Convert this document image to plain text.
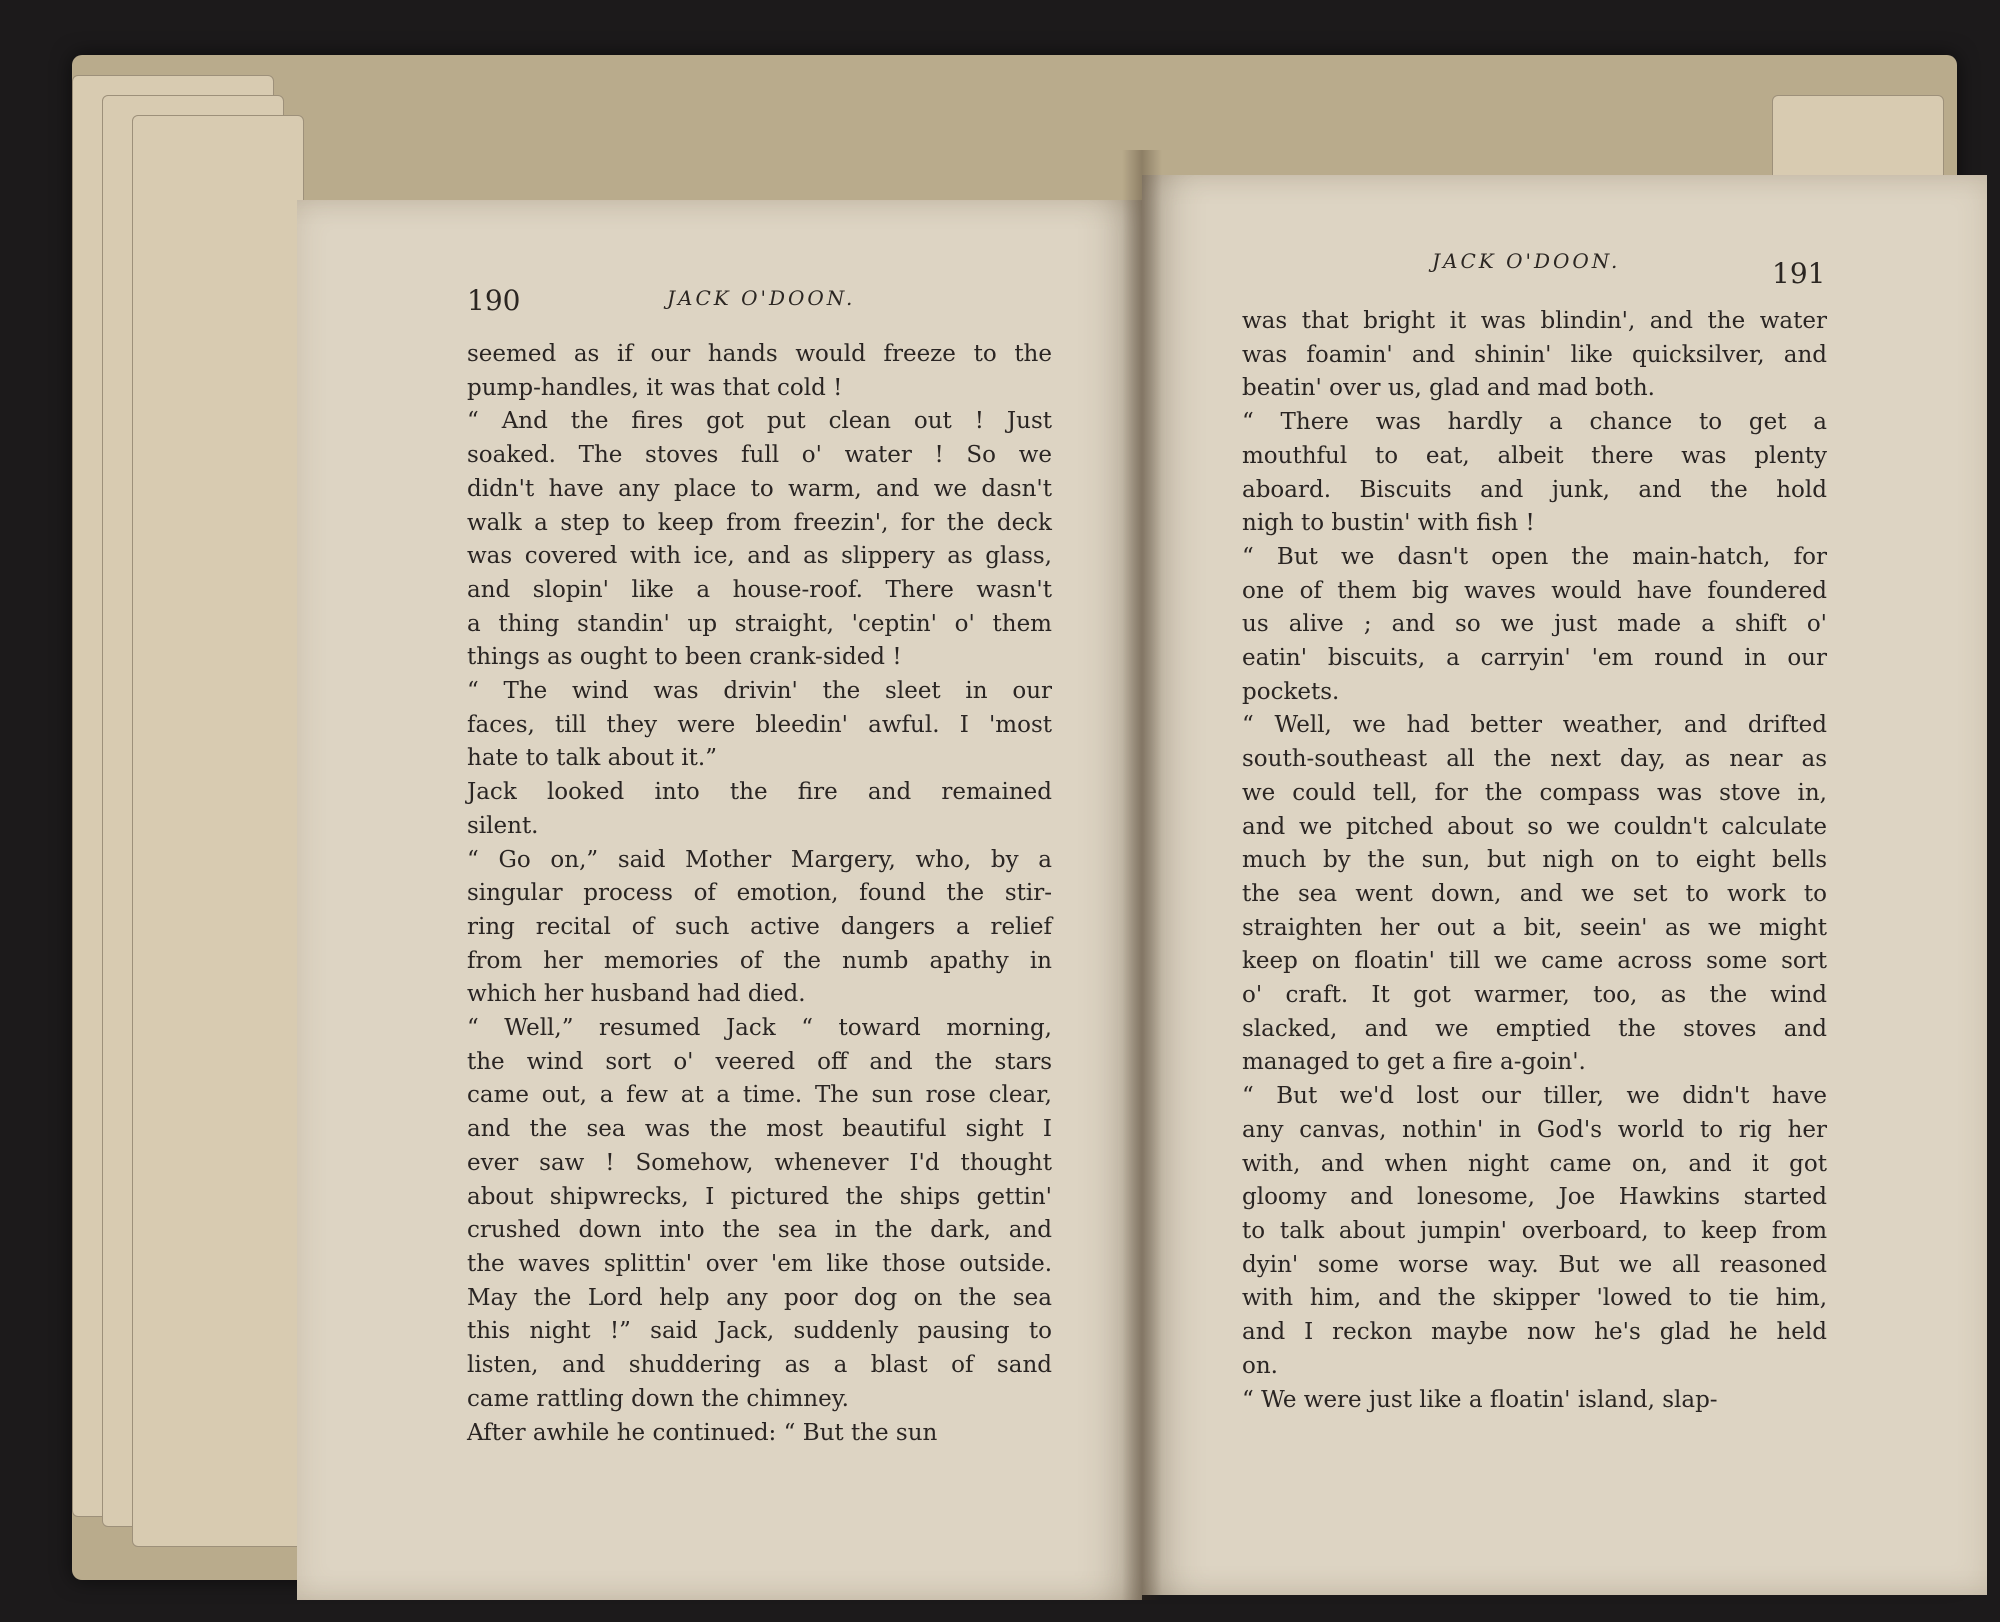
190	JACK O'DOON.
seemed as if our hands would freeze to the
pump-handles, it was that cold !
“ And the fires got put clean out ! Just
soaked. The stoves full o' water ! So we
didn't have any place to warm, and we dasn't
walk a step to keep from freezin', for the deck
was covered with ice, and as slippery as glass,
and slopin' like a house-roof. There wasn't
a thing standin' up straight, 'ceptin' o' them
things as ought to been crank-sided !
“ The wind was drivin' the sleet in our
faces, till they were bleedin' awful. I 'most
hate to talk about it.”
Jack looked into the fire and remained
silent.
“ Go on,” said Mother Margery, who, by a
singular process of emotion, found the stir-
ring recital of such active dangers a relief
from her memories of the numb apathy in
which her husband had died.
“ Well,” resumed Jack “ toward morning,
the wind sort o' veered off and the stars
came out, a few at a time. The sun rose clear,
and the sea was the most beautiful sight I
ever saw ! Somehow, whenever I'd thought
about shipwrecks, I pictured the ships gettin'
crushed down into the sea in the dark, and
the waves splittin' over 'em like those outside.
May the Lord help any poor dog on the sea
this night !” said Jack, suddenly pausing to
listen, and shuddering as a blast of sand
came rattling down the chimney.
After awhile he continued: “ But the sun
JACK O'DOON.	191
was that bright it was blindin', and the water
was foamin' and shinin' like quicksilver, and
beatin' over us, glad and mad both.
“ There was hardly a chance to get a
mouthful to eat, albeit there was plenty
aboard. Biscuits and junk, and the hold
nigh to bustin' with fish !
“ But we dasn't open the main-hatch, for
one of them big waves would have foundered
us alive ; and so we just made a shift o'
eatin' biscuits, a carryin' 'em round in our
pockets.
“ Well, we had better weather, and drifted
south-southeast all the next day, as near as
we could tell, for the compass was stove in,
and we pitched about so we couldn't calculate
much by the sun, but nigh on to eight bells
the sea went down, and we set to work to
straighten her out a bit, seein' as we might
keep on floatin' till we came across some sort
o' craft. It got warmer, too, as the wind
slacked, and we emptied the stoves and
managed to get a fire a-goin'.
“ But we'd lost our tiller, we didn't have
any canvas, nothin' in God's world to rig her
with, and when night came on, and it got
gloomy and lonesome, Joe Hawkins started
to talk about jumpin' overboard, to keep from
dyin' some worse way. But we all reasoned
with him, and the skipper 'lowed to tie him,
and I reckon maybe now he's glad he held
on.
“ We were just like a floatin' island, slap-
